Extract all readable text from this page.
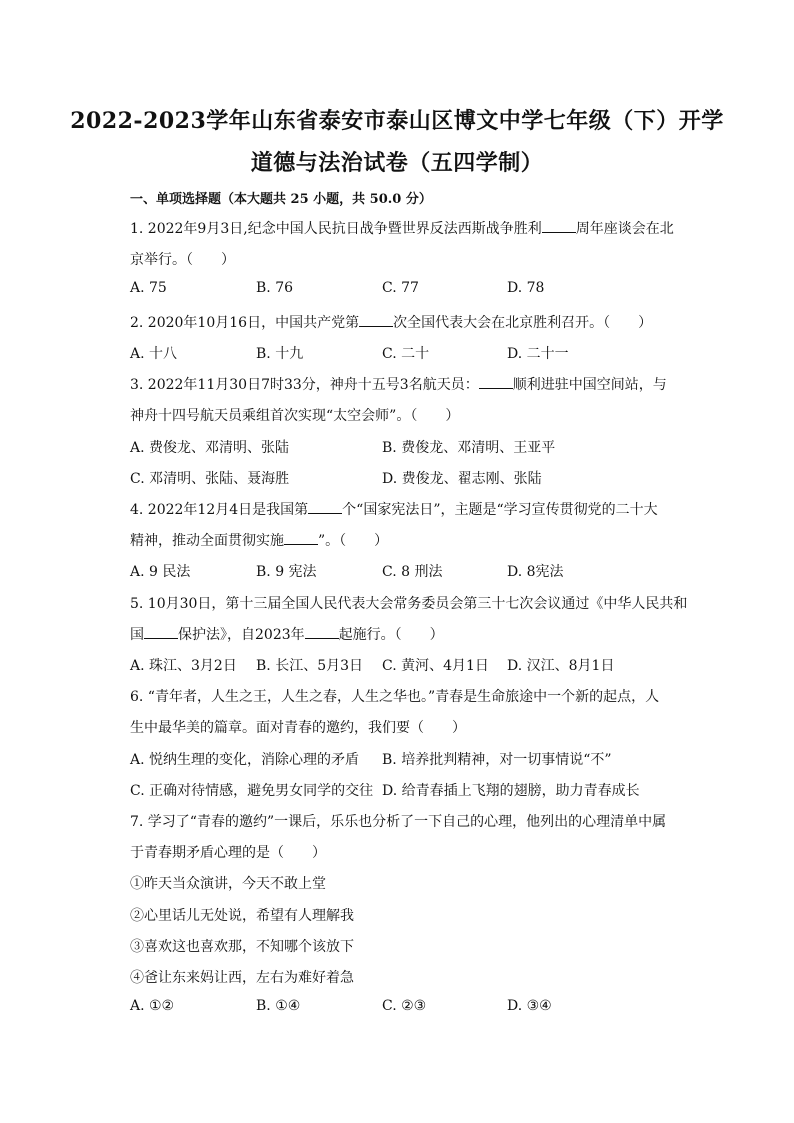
2022-2023学年山东省泰安市泰山区博文中学七年级（下）开学
道德与法治试卷（五四学制）
一、单项选择题（本大题共 25 小题，共 50.0 分）
1. 2022年9月3日,纪念中国人民抗日战争暨世界反法西斯战争胜利 周年座谈会在北
京举行。（　　）
A. 75	B. 76	C. 77	D. 78
2. 2020年10月16日，中国共产党第 次全国代表大会在北京胜利召开。（　　）
A. 十八	B. 十九	C. 二十	D. 二十一
3. 2022年11月30日7时33分，神舟十五号3名航天员： 顺利进驻中国空间站，与
神舟十四号航天员乘组首次实现“太空会师”。（　　）
A. 费俊龙、邓清明、张陆	B. 费俊龙、邓清明、王亚平
C. 邓清明、张陆、聂海胜	D. 费俊龙、翟志刚、张陆
4. 2022年12月4日是我国第 个“国家宪法日”，主题是“学习宣传贯彻党的二十大
精神，推动全面贯彻实施 ”。（　　）
A. 9 民法	B. 9 宪法	C. 8 刑法	D. 8宪法
5. 10月30日，第十三届全国人民代表大会常务委员会第三十七次会议通过《中华人民共和
国 保护法》，自2023年 起施行。（　　）
A. 珠江、3月2日 B. 长江、5月3日 C. 黄河、4月1日 D. 汉江、8月1日
6. “青年者，人生之王，人生之春，人生之华也。”青春是生命旅途中一个新的起点，人
生中最华美的篇章。面对青春的邀约，我们要（　　）
A. 悦纳生理的变化，消除心理的矛盾 B. 培养批判精神，对一切事情说“不”
C. 正确对待情感，避免男女同学的交往 D. 给青春插上飞翔的翅膀，助力青春成长
7. 学习了“青春的邀约”一课后，乐乐也分析了一下自己的心理，他列出的心理清单中属
于青春期矛盾心理的是（　　）
①昨天当众演讲，今天不敢上堂
②心里话儿无处说，希望有人理解我
③喜欢这也喜欢那，不知哪个该放下
④爸让东来妈让西，左右为难好着急
A. ①②	B. ①④	C. ②③	D. ③④
